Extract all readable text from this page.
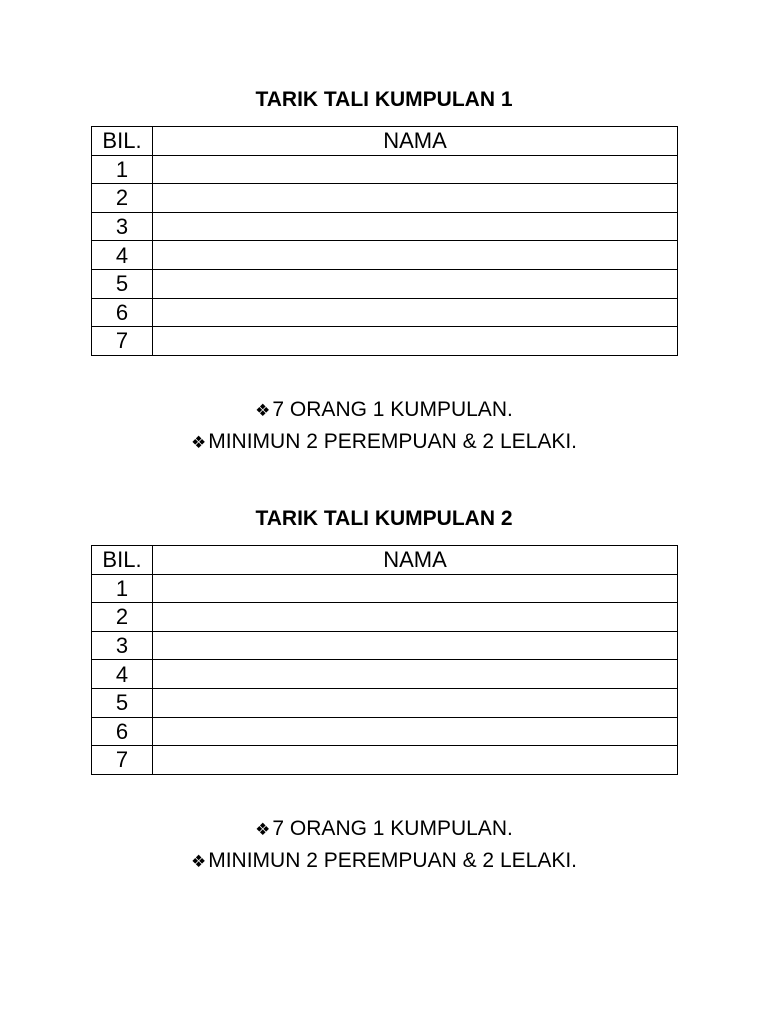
TARIK TALI KUMPULAN 1
BIL.	NAMA
1	
2	
3	
4	
5	
6	
7	
❖7 ORANG 1 KUMPULAN.
❖MINIMUN 2 PEREMPUAN & 2 LELAKI.
TARIK TALI KUMPULAN 2
BIL.	NAMA
1	
2	
3	
4	
5	
6	
7	
❖7 ORANG 1 KUMPULAN.
❖MINIMUN 2 PEREMPUAN & 2 LELAKI.
